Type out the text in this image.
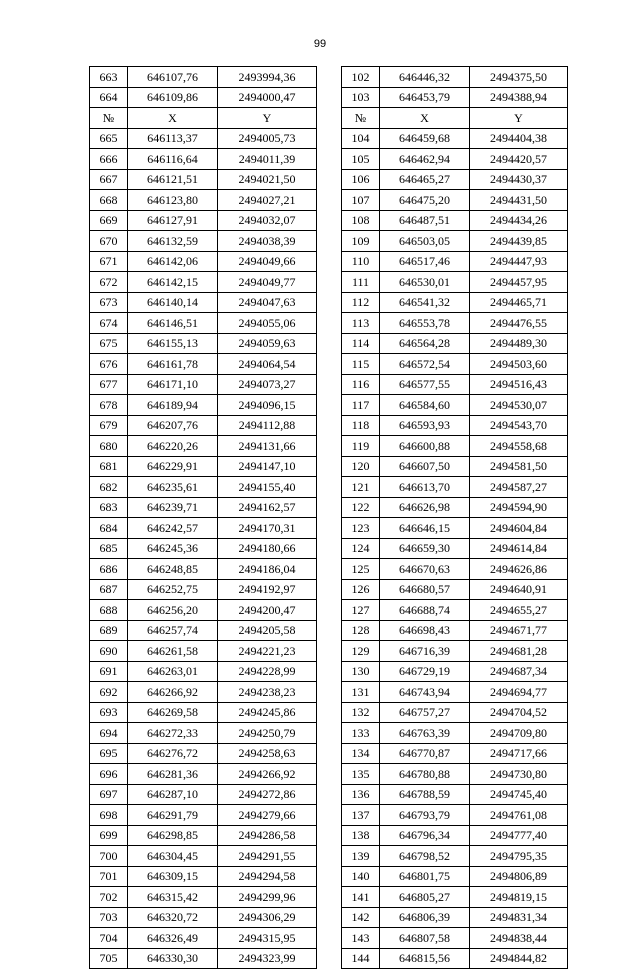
99
663	646107,76	2493994,36		102	646446,32	2494375,50
664	646109,86	2494000,47		103	646453,79	2494388,94
№	X	Y		№	X	Y
665	646113,37	2494005,73		104	646459,68	2494404,38
666	646116,64	2494011,39		105	646462,94	2494420,57
667	646121,51	2494021,50		106	646465,27	2494430,37
668	646123,80	2494027,21		107	646475,20	2494431,50
669	646127,91	2494032,07		108	646487,51	2494434,26
670	646132,59	2494038,39		109	646503,05	2494439,85
671	646142,06	2494049,66		110	646517,46	2494447,93
672	646142,15	2494049,77		111	646530,01	2494457,95
673	646140,14	2494047,63		112	646541,32	2494465,71
674	646146,51	2494055,06		113	646553,78	2494476,55
675	646155,13	2494059,63		114	646564,28	2494489,30
676	646161,78	2494064,54		115	646572,54	2494503,60
677	646171,10	2494073,27		116	646577,55	2494516,43
678	646189,94	2494096,15		117	646584,60	2494530,07
679	646207,76	2494112,88		118	646593,93	2494543,70
680	646220,26	2494131,66		119	646600,88	2494558,68
681	646229,91	2494147,10		120	646607,50	2494581,50
682	646235,61	2494155,40		121	646613,70	2494587,27
683	646239,71	2494162,57		122	646626,98	2494594,90
684	646242,57	2494170,31		123	646646,15	2494604,84
685	646245,36	2494180,66		124	646659,30	2494614,84
686	646248,85	2494186,04		125	646670,63	2494626,86
687	646252,75	2494192,97		126	646680,57	2494640,91
688	646256,20	2494200,47		127	646688,74	2494655,27
689	646257,74	2494205,58		128	646698,43	2494671,77
690	646261,58	2494221,23		129	646716,39	2494681,28
691	646263,01	2494228,99		130	646729,19	2494687,34
692	646266,92	2494238,23		131	646743,94	2494694,77
693	646269,58	2494245,86		132	646757,27	2494704,52
694	646272,33	2494250,79		133	646763,39	2494709,80
695	646276,72	2494258,63		134	646770,87	2494717,66
696	646281,36	2494266,92		135	646780,88	2494730,80
697	646287,10	2494272,86		136	646788,59	2494745,40
698	646291,79	2494279,66		137	646793,79	2494761,08
699	646298,85	2494286,58		138	646796,34	2494777,40
700	646304,45	2494291,55		139	646798,52	2494795,35
701	646309,15	2494294,58		140	646801,75	2494806,89
702	646315,42	2494299,96		141	646805,27	2494819,15
703	646320,72	2494306,29		142	646806,39	2494831,34
704	646326,49	2494315,95		143	646807,58	2494838,44
705	646330,30	2494323,99		144	646815,56	2494844,82
